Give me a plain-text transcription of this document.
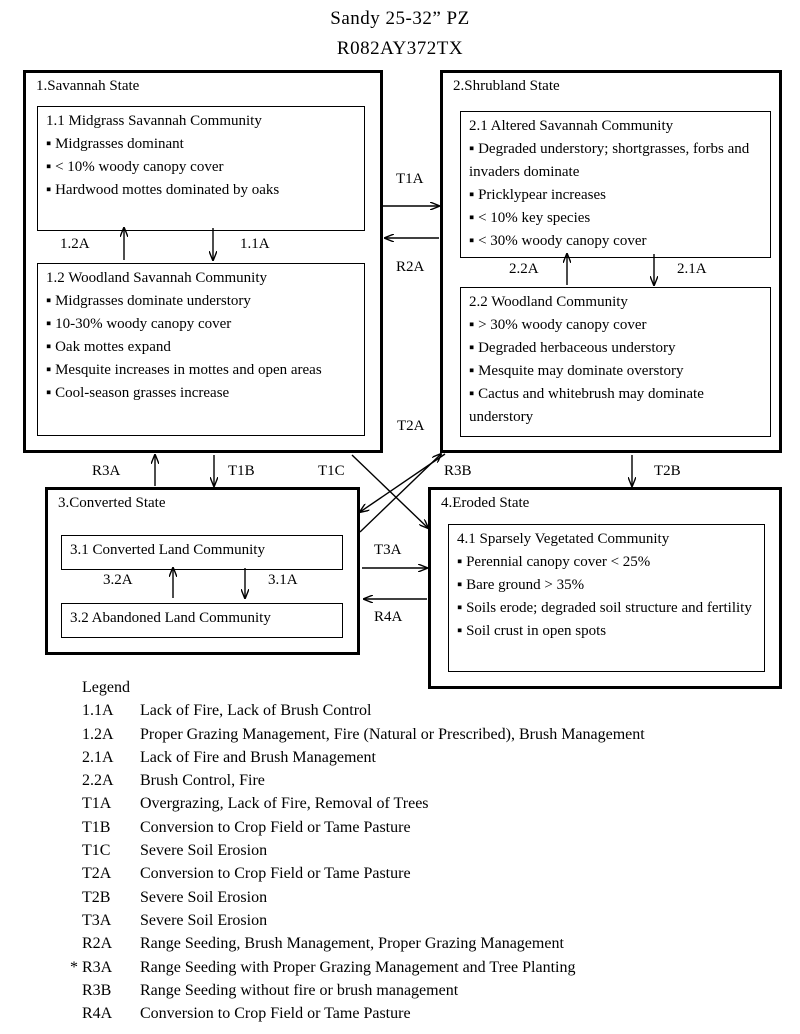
Sandy 25-32” PZ
R082AY372TX
1.Savannah State
1.1 Midgrass Savannah Community
▪ Midgrasses dominant
▪ < 10% woody canopy cover
▪ Hardwood mottes dominated by oaks
1.2 Woodland Savannah Community
▪ Midgrasses dominate understory
▪ 10-30% woody canopy cover
▪ Oak mottes expand
▪ Mesquite increases in mottes and open areas
▪ Cool-season grasses increase
2.Shrubland State
2.1 Altered Savannah Community
▪ Degraded understory; shortgrasses, forbs and invaders dominate
▪ Pricklypear increases
▪ < 10% key species
▪ < 30% woody canopy cover
2.2 Woodland Community
▪ > 30% woody canopy cover
▪ Degraded herbaceous understory
▪ Mesquite may dominate overstory
▪ Cactus and whitebrush may dominate understory
3.Converted State
3.1 Converted Land Community
3.2 Abandoned Land Community
4.Eroded State
4.1 Sparsely Vegetated Community
▪ Perennial canopy cover < 25%
▪ Bare ground > 35%
▪ Soils erode; degraded soil structure and fertility
▪ Soil crust in open spots
T1A
R2A
1.2A	1.1A
2.2A	2.1A
T2A
R3A	T1B	T1C	R3B	T2B
T3A
R4A
3.2A	3.1A
Legend
1.1A	Lack of Fire, Lack of Brush Control
1.2A	Proper Grazing Management, Fire (Natural or Prescribed), Brush Management
2.1A	Lack of Fire and Brush Management
2.2A	Brush Control, Fire
T1A	Overgrazing, Lack of Fire, Removal of Trees
T1B	Conversion to Crop Field or Tame Pasture
T1C	Severe Soil Erosion
T2A	Conversion to Crop Field or Tame Pasture
T2B	Severe Soil Erosion
T3A	Severe Soil Erosion
R2A	Range Seeding, Brush Management, Proper Grazing Management
* R3A	Range Seeding with Proper Grazing Management and Tree Planting
R3B	Range Seeding without fire or brush management
R4A	Conversion to Crop Field or Tame Pasture
